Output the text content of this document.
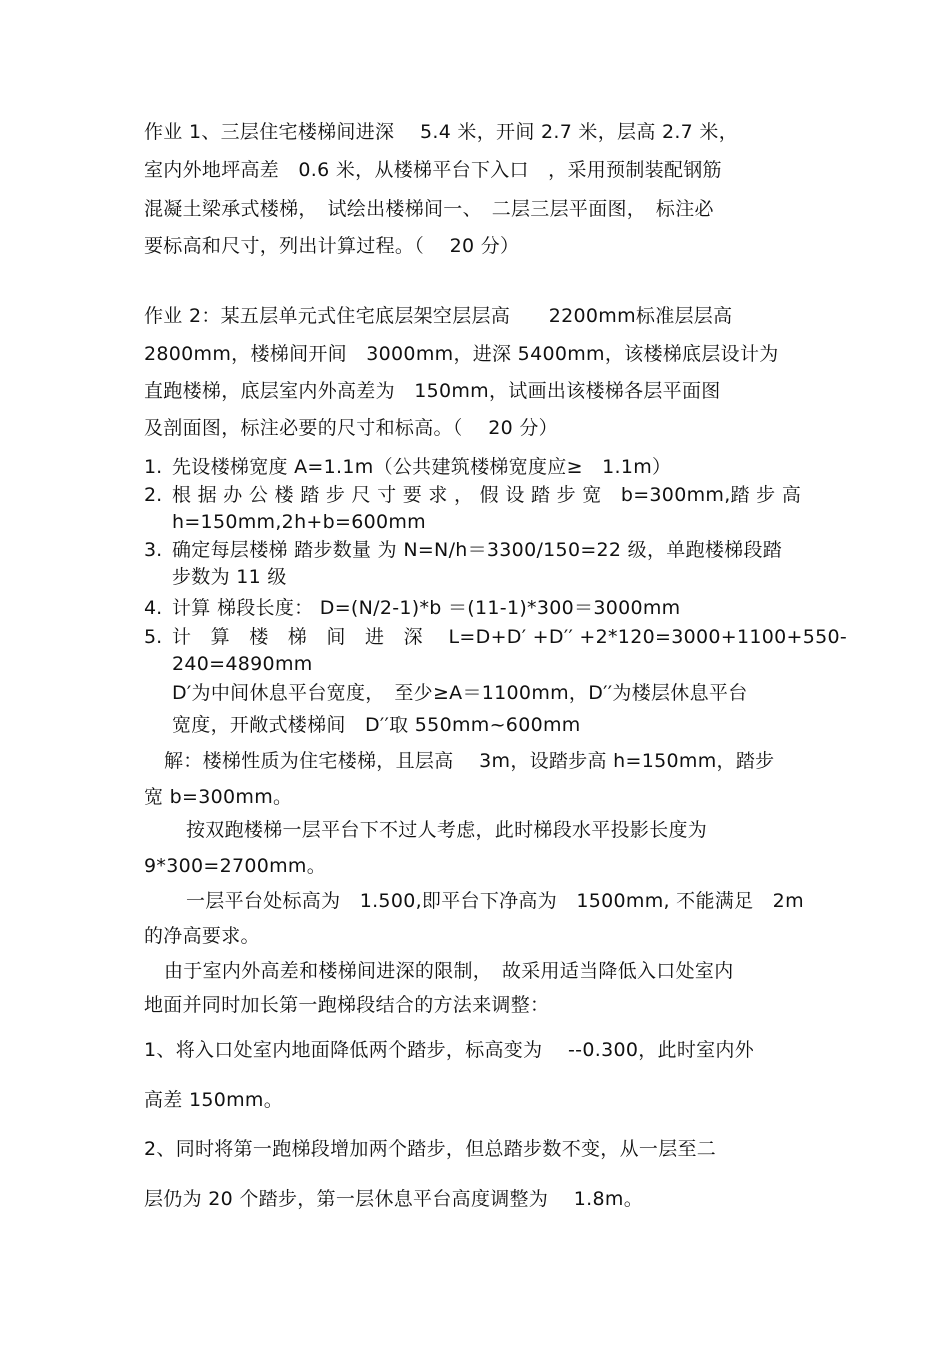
作业 1、三层住宅楼梯间进深　 5.4 米，开间 2.7 米，层高 2.7 米，
室内外地坪高差　0.6 米，从楼梯平台下入口　，采用预制装配钢筋
混凝土梁承式楼梯，　试绘出楼梯间一、　二层三层平面图，　标注必
要标高和尺寸，列出计算过程。（　 20 分）
作业 2：某五层单元式住宅底层架空层层高　　2200mm标准层层高
2800mm，楼梯间开间　3000mm，进深 5400mm，该楼梯底层设计为
直跑楼梯，底层室内外高差为　150mm，试画出该楼梯各层平面图
及剖面图，标注必要的尺寸和标高。（　 20 分）
1. 先设楼梯宽度 A=1.1m（公共建筑楼梯宽度应≥　1.1m）
2. 根 据 办 公 楼 踏 步 尺 寸 要 求 ， 假 设 踏 步 宽　b=300mm,踏 步 高
h=150mm,2h+b=600mm
3. 确定每层楼梯 踏步数量 为 N=N/h＝3300/150=22 级，单跑楼梯段踏
步数为 11 级
4. 计算 梯段长度： D=(N/2-1)*b ＝(11-1)*300＝3000mm
5. 计　算　楼　梯　间　进　深　 L=D+D′ +D′′ +2*120=3000+1100+550-
240=4890mm
D′为中间休息平台宽度，　至少≥A＝1100mm，D′′为楼层休息平台
宽度，开敞式楼梯间　D′′取 550mm~600mm
解：楼梯性质为住宅楼梯，且层高　 3m，设踏步高 h=150mm，踏步
宽 b=300mm。
按双跑楼梯一层平台下不过人考虑，此时梯段水平投影长度为
9*300=2700mm。
一层平台处标高为　1.500,即平台下净高为　1500mm, 不能满足　2m
的净高要求。
由于室内外高差和楼梯间进深的限制，　故采用适当降低入口处室内
地面并同时加长第一跑梯段结合的方法来调整：
1、将入口处室内地面降低两个踏步，标高变为　 --0.300，此时室内外
高差 150mm。
2、同时将第一跑梯段增加两个踏步，但总踏步数不变，从一层至二
层仍为 20 个踏步，第一层休息平台高度调整为　 1.8m。
